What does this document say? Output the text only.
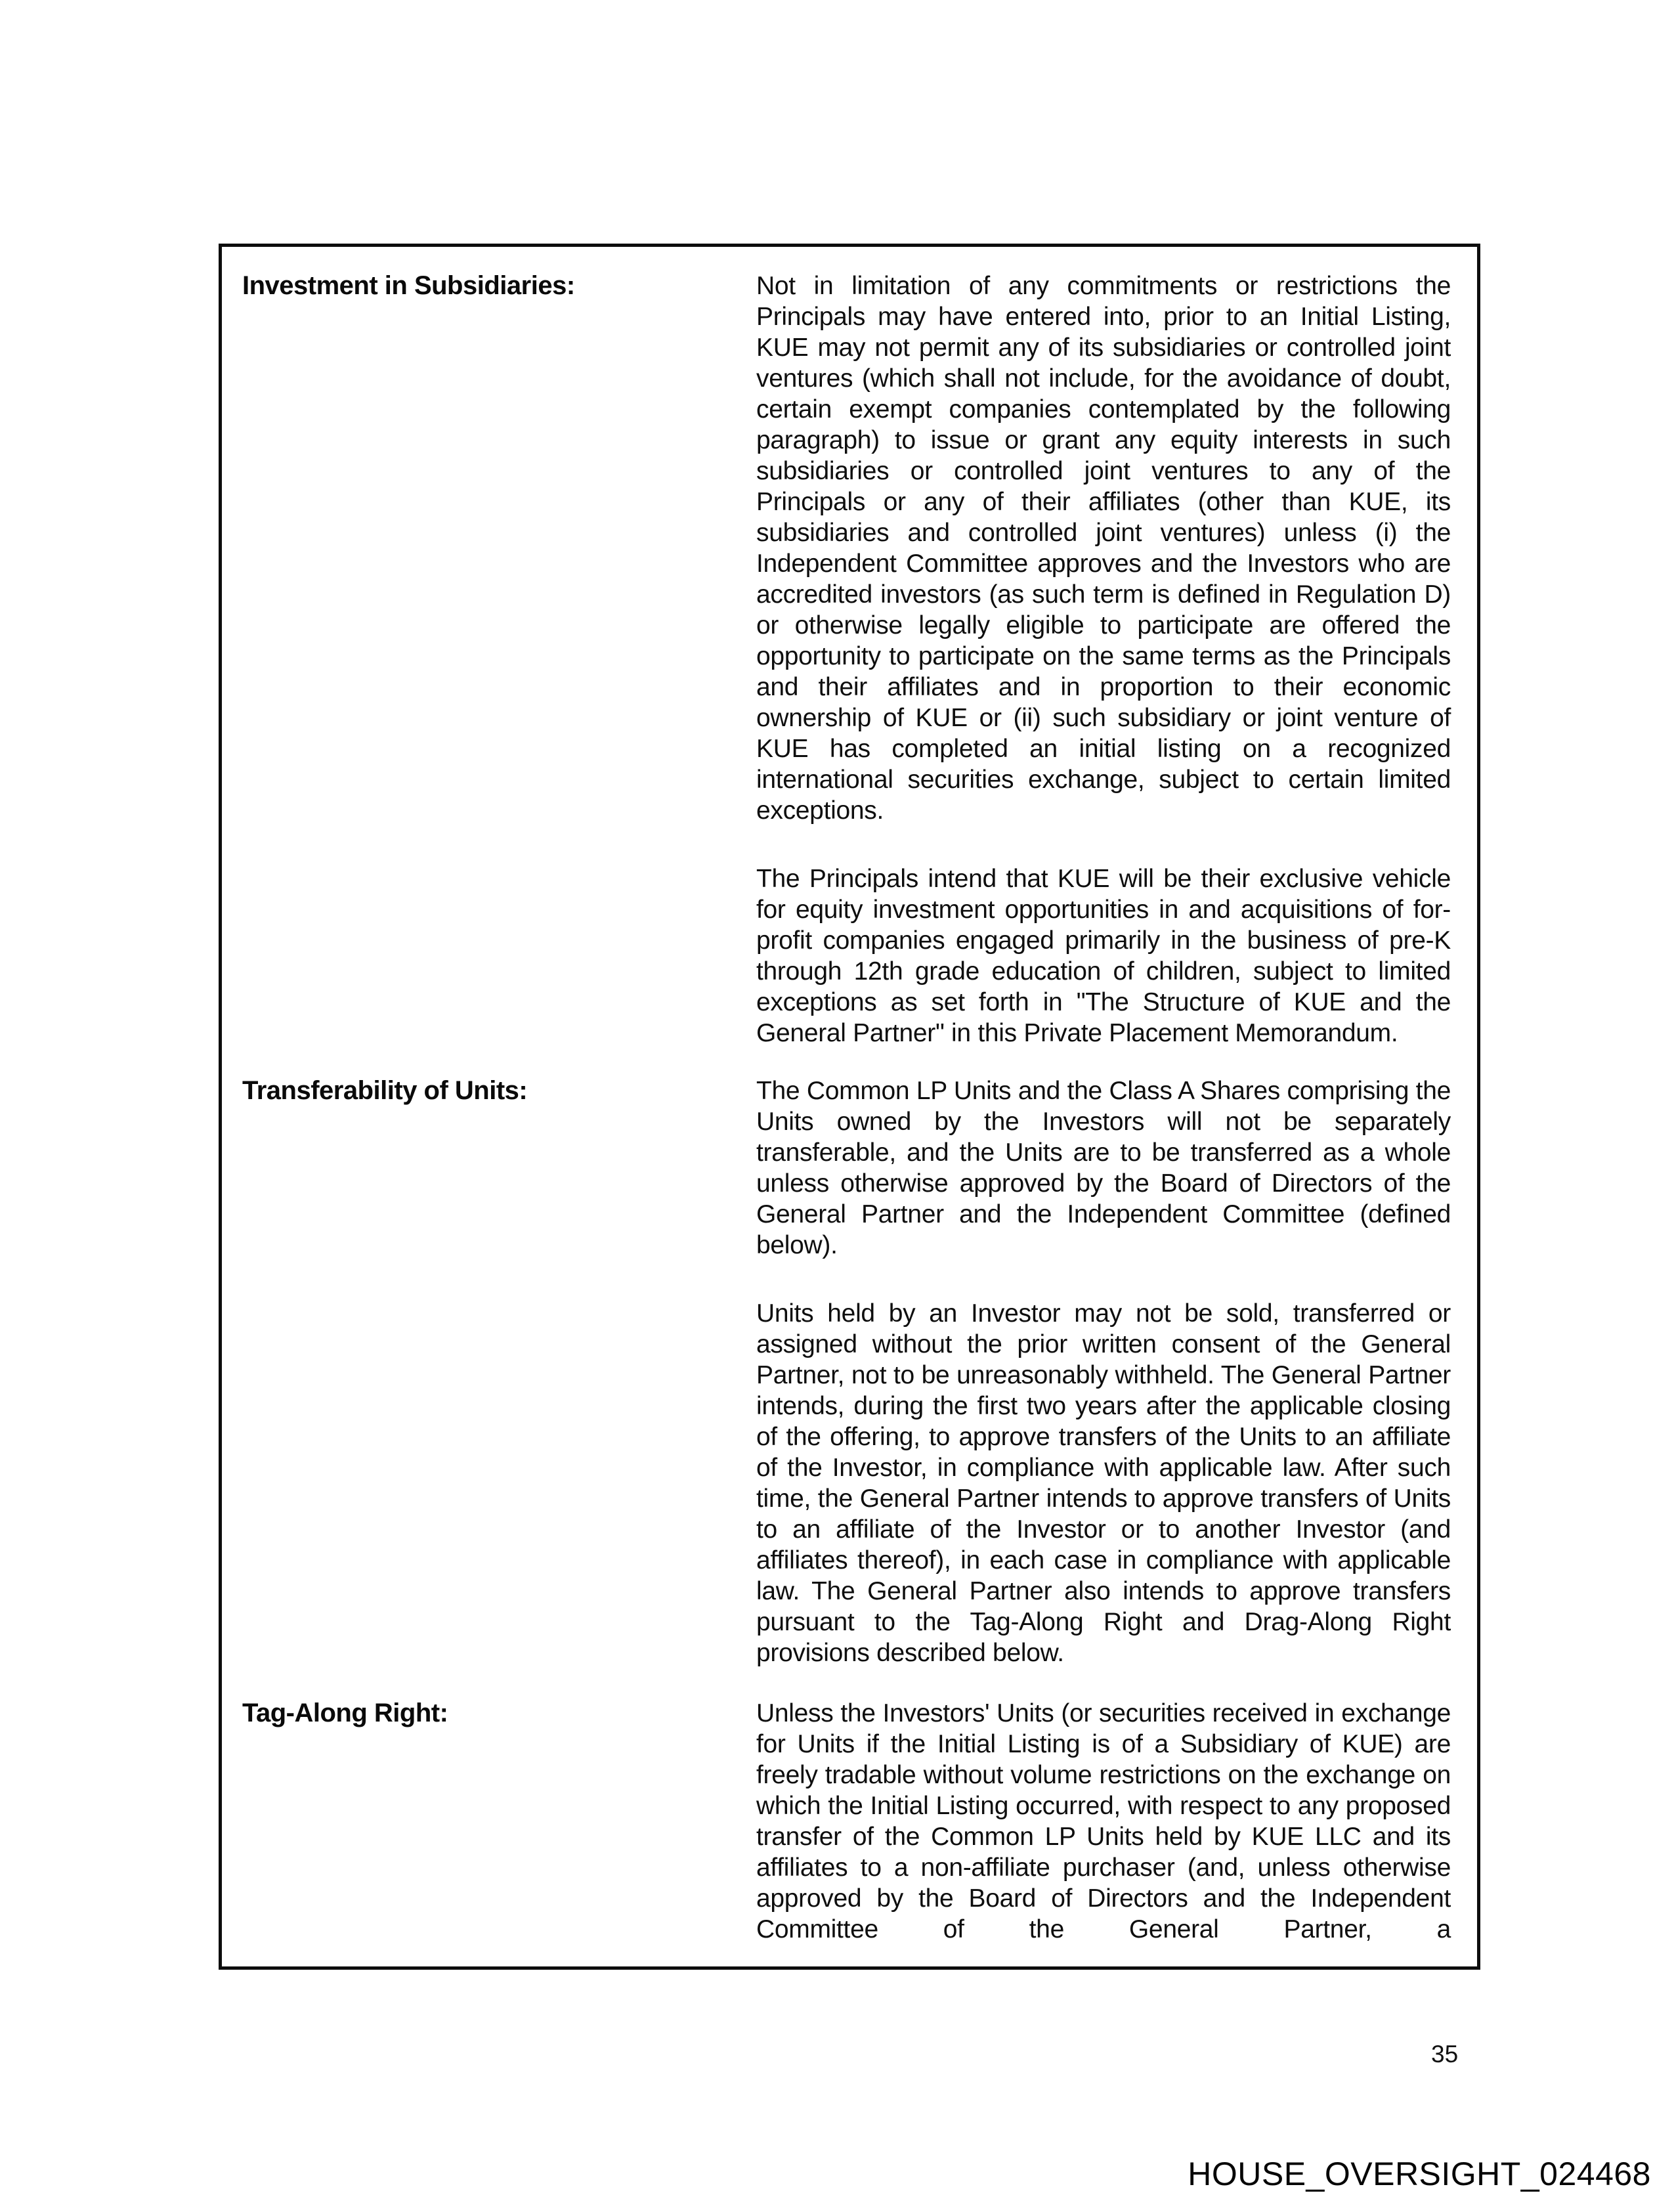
Investment in Subsidiaries:	Not in limitation of any commitments or restrictions the Principals may have entered into, prior to an Initial Listing, KUE may not permit any of its subsidiaries or controlled joint ventures (which shall not include, for the avoidance of doubt, certain exempt companies contemplated by the following paragraph) to issue or grant any equity interests in such subsidiaries or controlled joint ventures to any of the Principals or any of their affiliates (other than KUE, its subsidiaries and controlled joint ventures) unless (i) the Independent Committee approves and the Investors who are accredited investors (as such term is defined in Regulation D) or otherwise legally eligible to participate are offered the opportunity to participate on the same terms as the Principals and their affiliates and in proportion to their economic ownership of KUE or (ii) such subsidiary or joint venture of KUE has completed an initial listing on a recognized international securities exchange, subject to certain limited exceptions.

The Principals intend that KUE will be their exclusive vehicle for equity investment opportunities in and acquisitions of for-profit companies engaged primarily in the business of pre-K through 12th grade education of children, subject to limited exceptions as set forth in "The Structure of KUE and the General Partner" in this Private Placement Memorandum.

Transferability of Units:	The Common LP Units and the Class A Shares comprising the Units owned by the Investors will not be separately transferable, and the Units are to be transferred as a whole unless otherwise approved by the Board of Directors of the General Partner and the Independent Committee (defined below).

Units held by an Investor may not be sold, transferred or assigned without the prior written consent of the General Partner, not to be unreasonably withheld. The General Partner intends, during the first two years after the applicable closing of the offering, to approve transfers of the Units to an affiliate of the Investor, in compliance with applicable law. After such time, the General Partner intends to approve transfers of Units to an affiliate of the Investor or to another Investor (and affiliates thereof), in each case in compliance with applicable law. The General Partner also intends to approve transfers pursuant to the Tag-Along Right and Drag-Along Right provisions described below.

Tag-Along Right:	Unless the Investors' Units (or securities received in exchange for Units if the Initial Listing is of a Subsidiary of KUE) are freely tradable without volume restrictions on the exchange on which the Initial Listing occurred, with respect to any proposed transfer of the Common LP Units held by KUE LLC and its affiliates to a non-affiliate purchaser (and, unless otherwise approved by the Board of Directors and the Independent Committee of the General Partner, a

35
HOUSE_OVERSIGHT_024468
